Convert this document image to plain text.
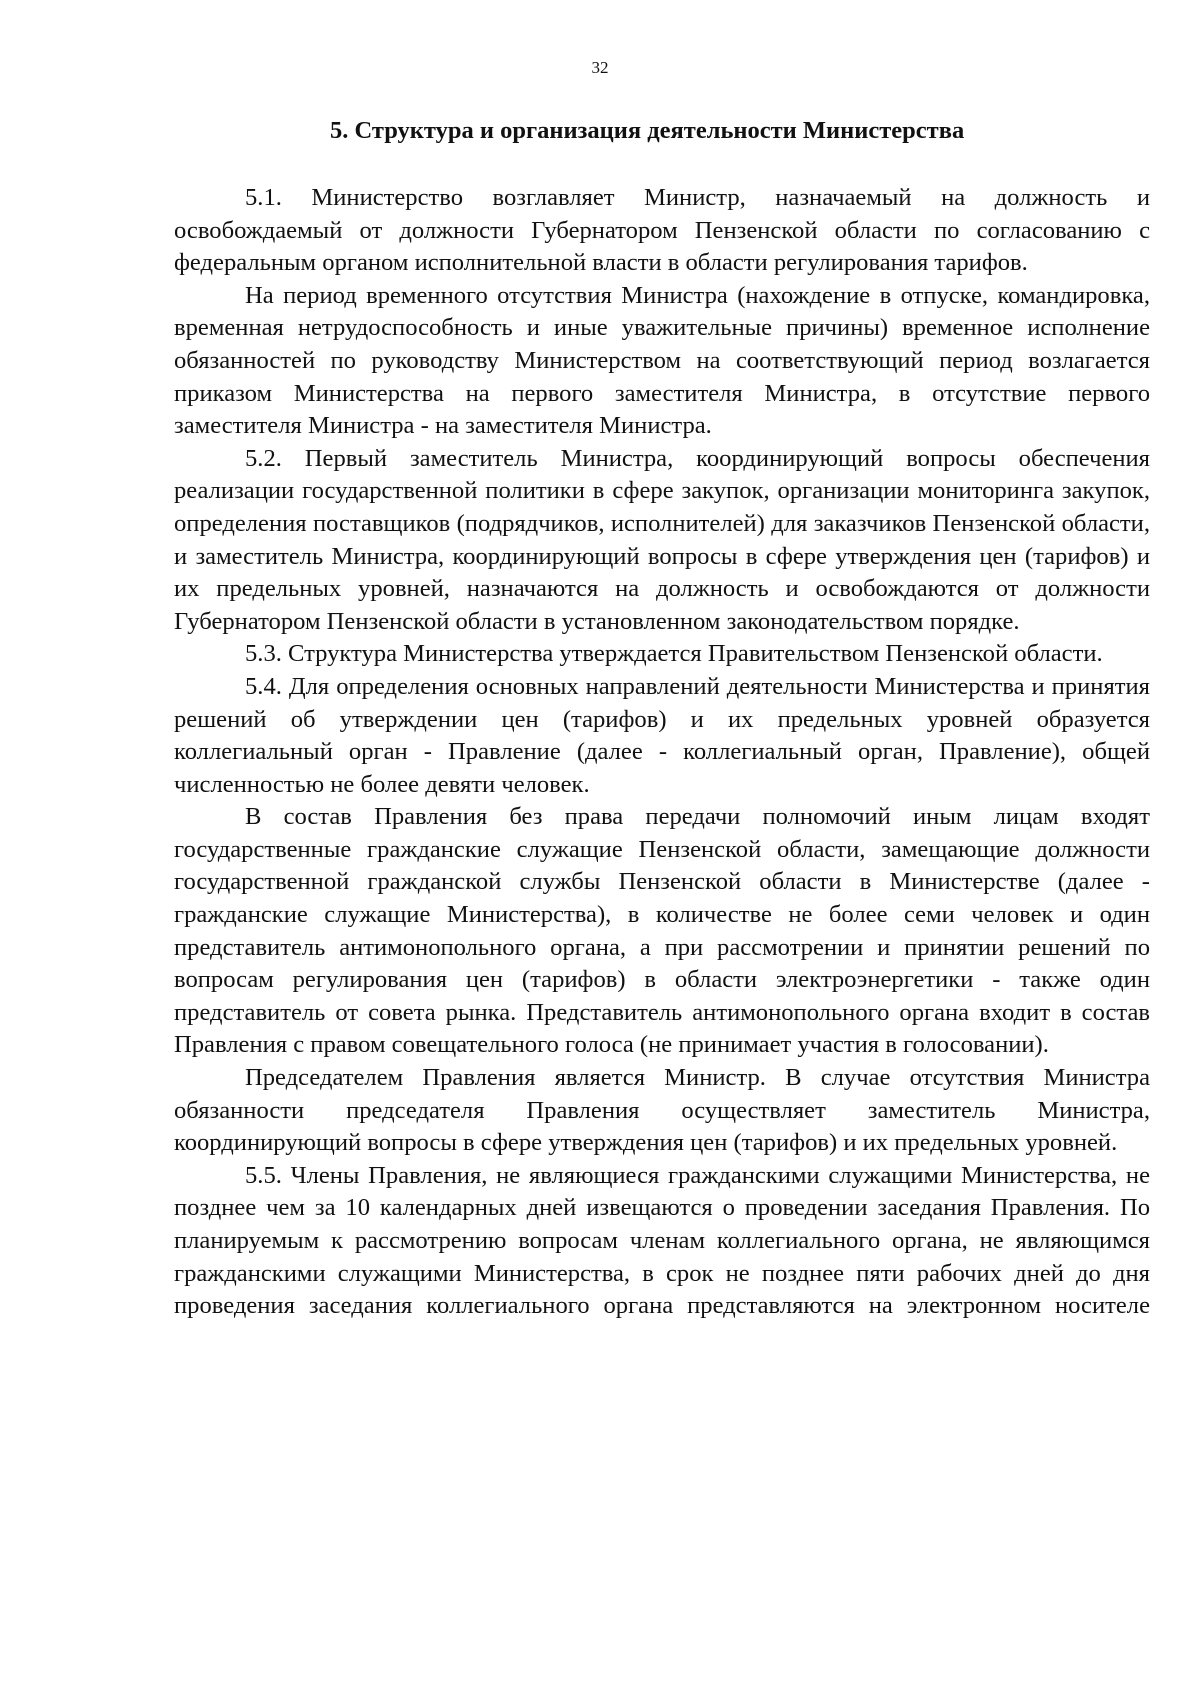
32
5. Структура и организация деятельности Министерства

5.1. Министерство возглавляет Министр, назначаемый на должность и освобождаемый от должности Губернатором Пензенской области по согласованию с федеральным органом исполнительной власти в области регулирования тарифов.

На период временного отсутствия Министра (нахождение в отпуске, командировка, временная нетрудоспособность и иные уважительные причины) временное исполнение обязанностей по руководству Министерством на соответствующий период возлагается приказом Министерства на первого заместителя Министра, в отсутствие первого заместителя Министра - на заместителя Министра.

5.2. Первый заместитель Министра, координирующий вопросы обеспечения реализации государственной политики в сфере закупок, организации мониторинга закупок, определения поставщиков (подрядчиков, исполнителей) для заказчиков Пензенской области, и заместитель Министра, координирующий вопросы в сфере утверждения цен (тарифов) и их предельных уровней, назначаются на должность и освобождаются от должности Губернатором Пензенской области в установленном законодательством порядке.

5.3. Структура Министерства утверждается Правительством Пензенской области.

5.4. Для определения основных направлений деятельности Министерства и принятия решений об утверждении цен (тарифов) и их предельных уровней образуется коллегиальный орган - Правление (далее - коллегиальный орган, Правление), общей численностью не более девяти человек.

В состав Правления без права передачи полномочий иным лицам входят государственные гражданские служащие Пензенской области, замещающие должности государственной гражданской службы Пензенской области в Министерстве (далее - гражданские служащие Министерства), в количестве не более семи человек и один представитель антимонопольного органа, а при рассмотрении и принятии решений по вопросам регулирования цен (тарифов) в области электроэнергетики - также один представитель от совета рынка. Представитель антимонопольного органа входит в состав Правления с правом совещательного голоса (не принимает участия в голосовании).

Председателем Правления является Министр. В случае отсутствия Министра обязанности председателя Правления осуществляет заместитель Министра, координирующий вопросы в сфере утверждения цен (тарифов) и их предельных уровней.

5.5. Члены Правления, не являющиеся гражданскими служащими Министерства, не позднее чем за 10 календарных дней извещаются о проведении заседания Правления. По планируемым к рассмотрению вопросам членам коллегиального органа, не являющимся гражданскими служащими Министерства, в срок не позднее пяти рабочих дней до дня проведения заседания коллегиального органа представляются на электронном носителе
